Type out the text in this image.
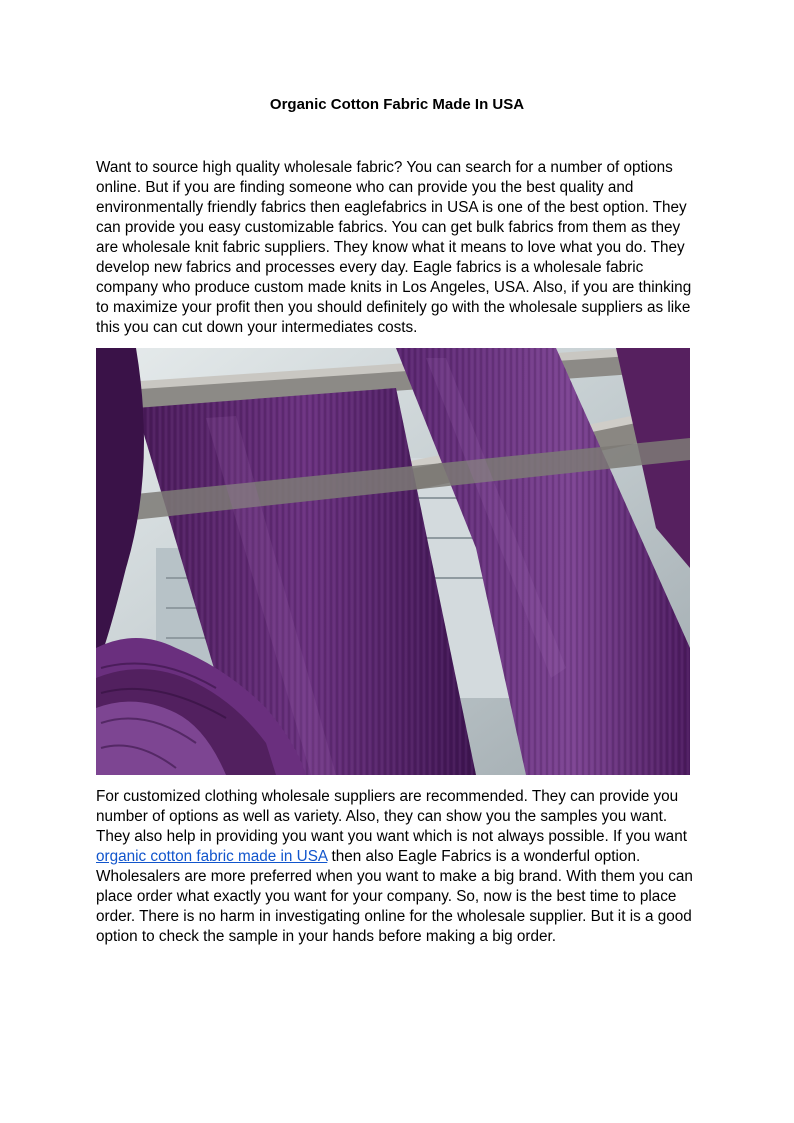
Organic Cotton Fabric Made In USA

Want to source high quality wholesale fabric? You can search for a number of options online. But if you are finding someone who can provide you the best quality and environmentally friendly fabrics then eaglefabrics in USA is one of the best option. They can provide you easy customizable fabrics. You can get bulk fabrics from them as they are wholesale knit fabric suppliers. They know what it means to love what you do. They develop new fabrics and processes every day. Eagle fabrics is a wholesale fabric company who produce custom made knits in Los Angeles, USA. Also, if you are thinking to maximize your profit then you should definitely go with the wholesale suppliers as like this you can cut down your intermediates costs.

For customized clothing wholesale suppliers are recommended. They can provide you number of options as well as variety. Also, they can show you the samples you want. They also help in providing you want you want which is not always possible. If you want organic cotton fabric made in USA then also Eagle Fabrics is a wonderful option. Wholesalers are more preferred when you want to make a big brand. With them you can place order what exactly you want for your company. So, now is the best time to place order. There is no harm in investigating online for the wholesale supplier. But it is a good option to check the sample in your hands before making a big order.
